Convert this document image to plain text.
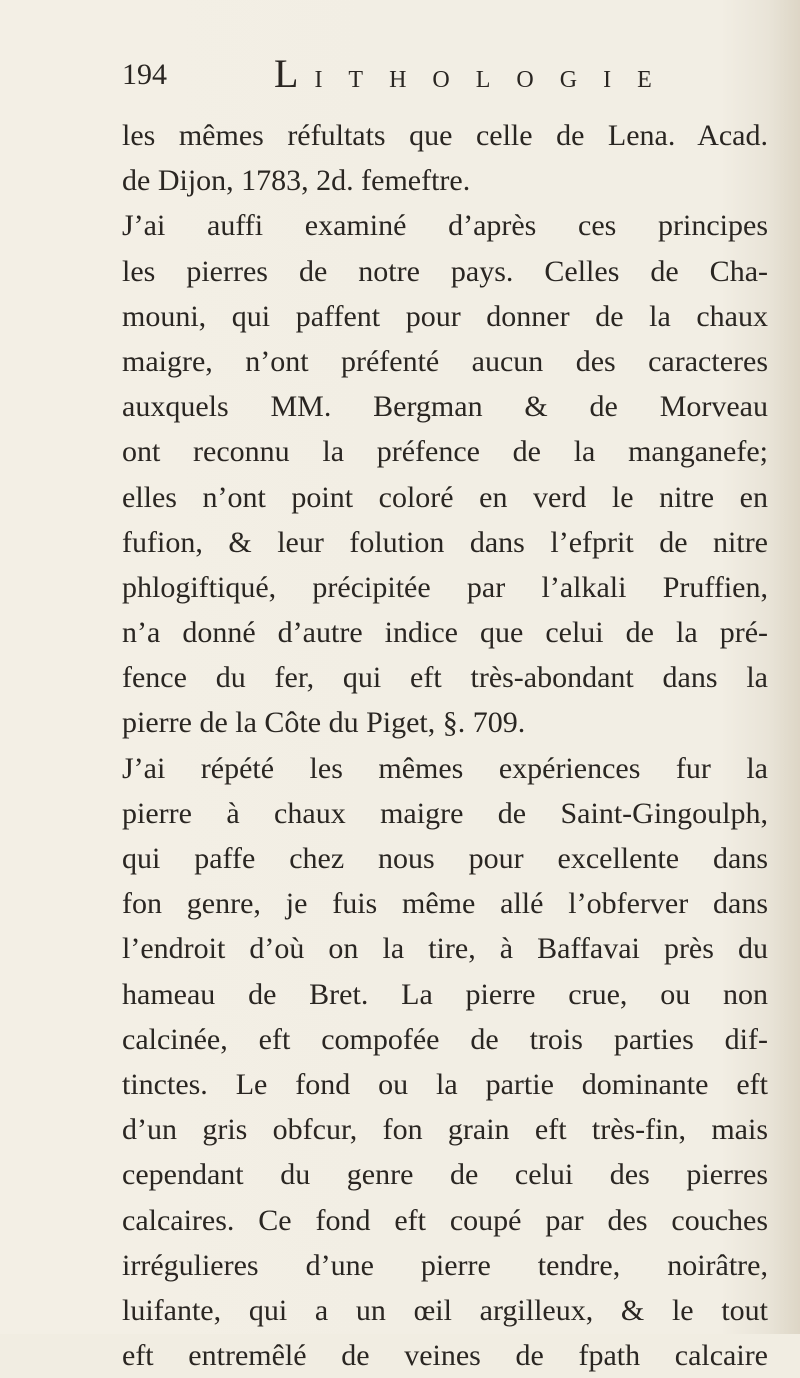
194	LITHOLOGIE
les mêmes réfultats que celle de Lena. Acad.
de Dijon, 1783, 2d. femeftre.
J’ai auffi examiné d’après ces principes
les pierres de notre pays. Celles de Cha-
mouni, qui paffent pour donner de la chaux
maigre, n’ont préfenté aucun des caracteres
auxquels MM. Bergman & de Morveau
ont reconnu la préfence de la manganefe;
elles n’ont point coloré en verd le nitre en
fufion, & leur folution dans l’efprit de nitre
phlogiftiqué, précipitée par l’alkali Pruffien,
n’a donné d’autre indice que celui de la pré-
fence du fer, qui eft très-abondant dans la
pierre de la Côte du Piget, §. 709.
J’ai répété les mêmes expériences fur la
pierre à chaux maigre de Saint-Gingoulph,
qui paffe chez nous pour excellente dans
fon genre, je fuis même allé l’obferver dans
l’endroit d’où on la tire, à Baffavai près du
hameau de Bret. La pierre crue, ou non
calcinée, eft compofée de trois parties dif-
tinctes. Le fond ou la partie dominante eft
d’un gris obfcur, fon grain eft très-fin, mais
cependant du genre de celui des pierres
calcaires. Ce fond eft coupé par des couches
irrégulieres d’une pierre tendre, noirâtre,
luifante, qui a un œil argilleux, & le tout
eft entremêlé de veines de fpath calcaire
